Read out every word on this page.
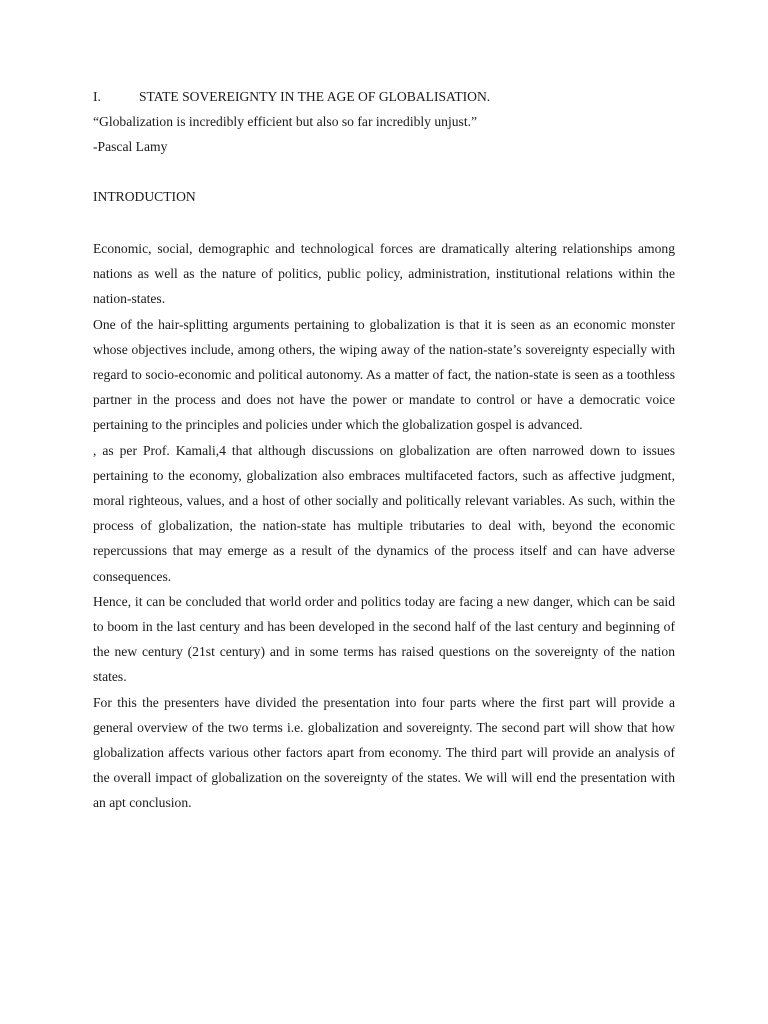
I.	STATE SOVEREIGNTY IN THE AGE OF GLOBALISATION.
“Globalization is incredibly efficient but also so far incredibly unjust.”
-Pascal Lamy
INTRODUCTION

Economic, social, demographic and technological forces are dramatically altering relationships among nations as well as the nature of politics, public policy, administration, institutional relations within the nation-states.

One of the hair-splitting arguments pertaining to globalization is that it is seen as an economic monster whose objectives include, among others, the wiping away of the nation-state’s sovereignty especially with regard to socio-economic and political autonomy. As a matter of fact, the nation-state is seen as a toothless partner in the process and does not have the power or mandate to control or have a democratic voice pertaining to the principles and policies under which the globalization gospel is advanced.

, as per Prof. Kamali,4 that although discussions on globalization are often narrowed down to issues pertaining to the economy, globalization also embraces multifaceted factors, such as affective judgment, moral righteous, values, and a host of other socially and politically relevant variables. As such, within the process of globalization, the nation-state has multiple tributaries to deal with, beyond the economic repercussions that may emerge as a result of the dynamics of the process itself and can have adverse consequences.

Hence, it can be concluded that world order and politics today are facing a new danger, which can be said to boom in the last century and has been developed in the second half of the last century and beginning of the new century (21st century) and in some terms has raised questions on the sovereignty of the nation states.

For this the presenters have divided the presentation into four parts where the first part will provide a general overview of the two terms i.e. globalization and sovereignty. The second part will show that how globalization affects various other factors apart from economy. The third part will provide an analysis of the overall impact of globalization on the sovereignty of the states. We will will end the presentation with an apt conclusion.
